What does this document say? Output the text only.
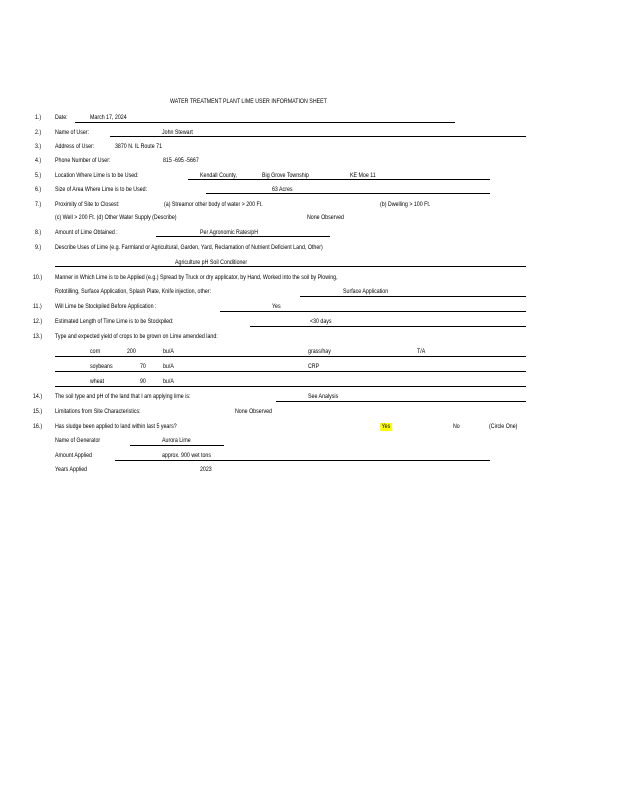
WATER TREATMENT PLANT LIME USER INFORMATION SHEET
1.) Date:	March 17, 2024
2.) Name of User:	John Stewart
3.) Address of User:	3870 N. IL Route 71
4.) Phone Number of User:	815 -695 -5667
5.) Location Where Lime is to be Used:	Kendall County,	Big Grove Township	KE Moe 11
6.) Size of Area Where Lime is to be Used:	63 Acres
7.) Proximity of Site to Closest:	(a) Streamor other body of water > 200 Ft.	(b) Dwelling > 100 Ft.
(c) Well > 200 Ft. (d) Other Water Supply (Describe)	None Observed
8.) Amount of Lime Obtained :	Per Agronomic Rates/pH
9.) Describe Uses of Lime (e.g. Farmland or Agricultural, Garden, Yard, Reclamation of Nutrient Deficient Land, Other)
Agriculture pH Soil Conditioner
10.) Manner in Which Lime is to be Applied (e.g.) Spread by Truck or dry applicator, by Hand, Worked into the soil by Plowing,
Rototilling, Surface Application, Splash Plate, Knife injection, other:	Surface Application
11.) Will Lime be Stockpiled Before Application :	Yes
12.) Estimated Length of Time Lime is to be Stockpiled:	<30 days
13.) Type and expected yield of crops to be grown on Lime amended land:
corn	200	bu/A	grass/hay	T/A
soybeans	70	bu/A	CRP
wheat	90	bu/A
14.) The soil type and pH of the land that I am applying lime is:	See Analysis
15.) Limitations from Site Characteristics:	None Observed
16.) Has sludge been applied to land within last 5 years?	Yes	No	(Circle One)
Name of Generator	Aurora Lime
Amount Applied	approx. 900 wet tons
Years Applied	2023
